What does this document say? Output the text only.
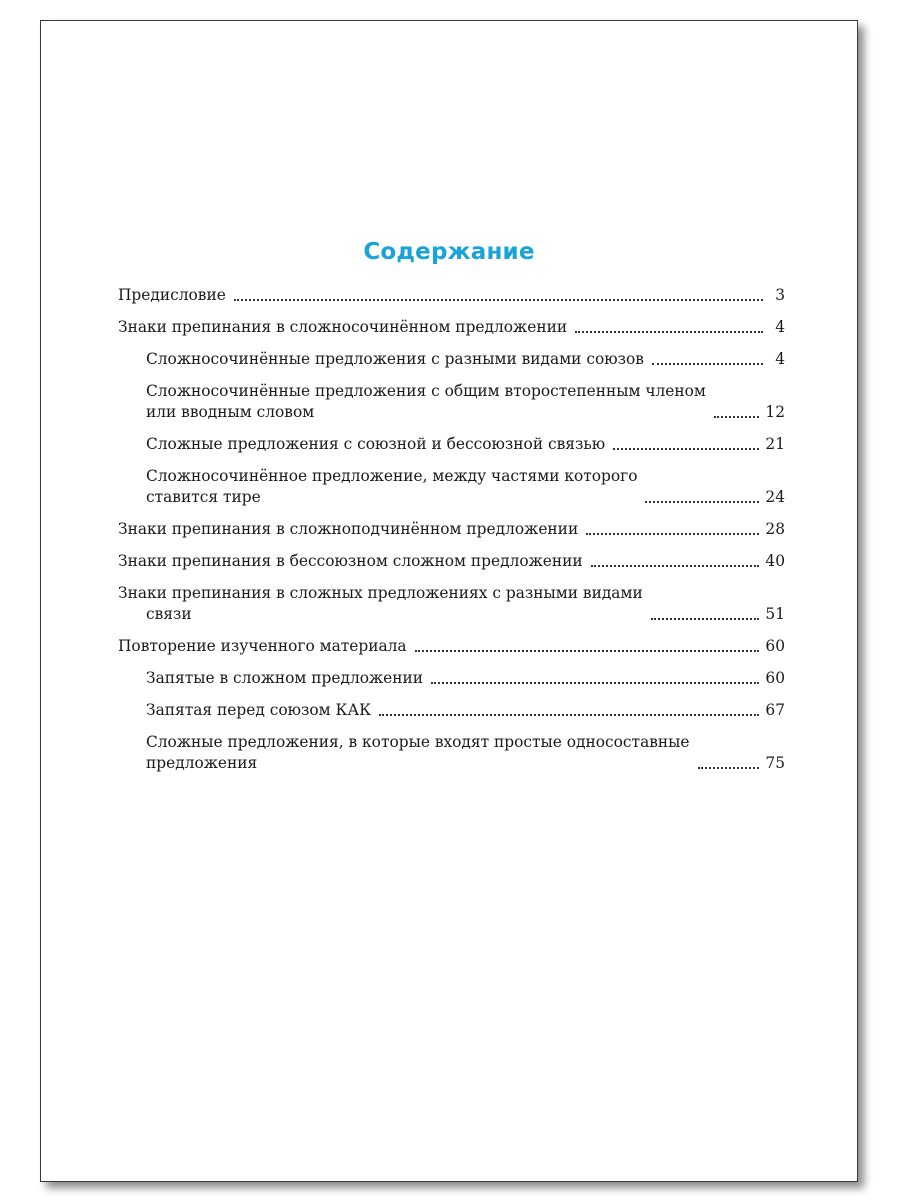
Содержание
Предисловие	3
Знаки препинания в сложносочинённом предложении	4
Сложносочинённые предложения с разными видами союзов	4
Сложносочинённые предложения с общим второстепенным членом
или вводным словом	12
Сложные предложения с союзной и бессоюзной связью	21
Сложносочинённое предложение, между частями которого
ставится тире	24
Знаки препинания в сложноподчинённом предложении	28
Знаки препинания в бессоюзном сложном предложении	40
Знаки препинания в сложных предложениях с разными видами
связи	51
Повторение изученного материала	60
Запятые в сложном предложении	60
Запятая перед союзом КАК	67
Сложные предложения, в которые входят простые односоставные
предложения	75
